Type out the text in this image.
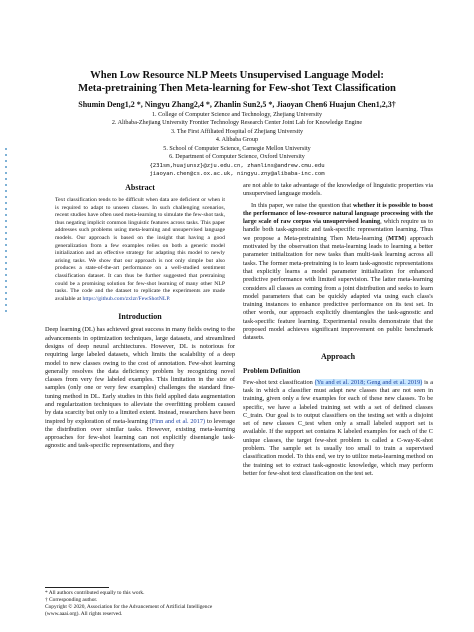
When Low Resource NLP Meets Unsupervised Language Model:
Meta-pretraining Then Meta-learning for Few-shot Text Classification
Shumin Deng1,2 *, Ningyu Zhang2,4 *, Zhanlin Sun2,5 *, Jiaoyan Chen6 Huajun Chen1,2,3†
1. College of Computer Science and Technology, Zhejiang University
2. Alibaba-Zhejiang University Frontier Technology Research Center Joint Lab for Knowledge Engine
3. The First Affiliated Hospital of Zhejiang University
4. Alibaba Group
5. School of Computer Science, Carnegie Mellon University
6. Department of Computer Science, Oxford University
{231sm,huajunsz}@zju.edu.cn, zhanlins@andrew.cmu.edu
jiaoyan.chen@cs.ox.ac.uk, ningyu.zny@alibaba-inc.com
Abstract
Text classification tends to be difficult when data are deficient or when it is required to adapt to unseen classes. In such challenging scenarios, recent studies have often used meta-learning to simulate the few-shot task, thus negating implicit common linguistic features across tasks. This paper addresses such problems using meta-learning and unsupervised language models. Our approach is based on the insight that having a good generalization from a few examples relies on both a generic model initialization and an effective strategy for adapting this model to newly arising tasks. We show that our approach is not only simple but also produces a state-of-the-art performance on a well-studied sentiment classification dataset. It can thus be further suggested that pretraining could be a promising solution for few-shot learning of many other NLP tasks. The code and the dataset to replicate the experiments are made available at https://github.com/zxlzr/FewShotNLP.
Introduction
Deep learning (DL) has achieved great success in many fields owing to the advancements in optimization techniques, large datasets, and streamlined designs of deep neural architectures. However, DL is notorious for requiring large labeled datasets, which limits the scalability of a deep model to new classes owing to the cost of annotation. Few-shot learning generally resolves the data deficiency problem by recognizing novel classes from very few labeled examples. This limitation in the size of samples (only one or very few examples) challenges the standard fine-tuning method in DL. Early studies in this field applied data augmentation and regularization techniques to alleviate the overfitting problem caused by data scarcity but only to a limited extent. Instead, researchers have been inspired by exploration of meta-learning (Finn and et al. 2017) to leverage the distribution over similar tasks. However, existing meta-learning approaches for few-shot learning can not explicitly disentangle task-agnostic and task-specific representations, and they
are not able to take advantage of the knowledge of linguistic properties via unsupervised language models.
In this paper, we raise the question that whether it is possible to boost the performance of low-resource natural language processing with the large scale of raw corpus via unsupervised leaning, which require us to handle both task-agnostic and task-specific representation learning. Thus we propose a Meta-pretraining Then Meta-learning (MTM) approach motivated by the observation that meta-learning leads to learning a better parameter initialization for new tasks than multi-task learning across all tasks. The former meta-pretraining is to learn task-agnostic representations that explicitly learns a model parameter initialization for enhanced predictive performance with limited supervision. The latter meta-learning considers all classes as coming from a joint distribution and seeks to learn model parameters that can be quickly adapted via using each class's training instances to enhance predictive performance on its test set. In other words, our approach explicitly disentangles the task-agnostic and task-specific feature learning. Experimental results demonstrate that the proposed model achieves significant improvement on public benchmark datasets.
Approach
Problem Definition
Few-shot text classification (Yu and et al. 2018; Geng and et al. 2019) is a task in which a classifier must adapt new classes that are not seen in training, given only a few examples for each of these new classes. To be specific, we have a labeled training set with a set of defined classes C_train. Our goal is to output classifiers on the testing set with a disjoint set of new classes C_test when only a small labeled support set is available. If the support set contains K labeled examples for each of the C unique classes, the target few-shot problem is called a C-way-K-shot problem. The sample set is usually too small to train a supervised classification model. To this end, we try to utilize meta-learning method on the training set to extract task-agnostic knowledge, which may perform better for few-shot text classification on the test set.
* All authors contributed equally to this work.
† Corresponding author.
Copyright © 2020, Association for the Advancement of Artificial Intelligence (www.aaai.org). All rights reserved.
